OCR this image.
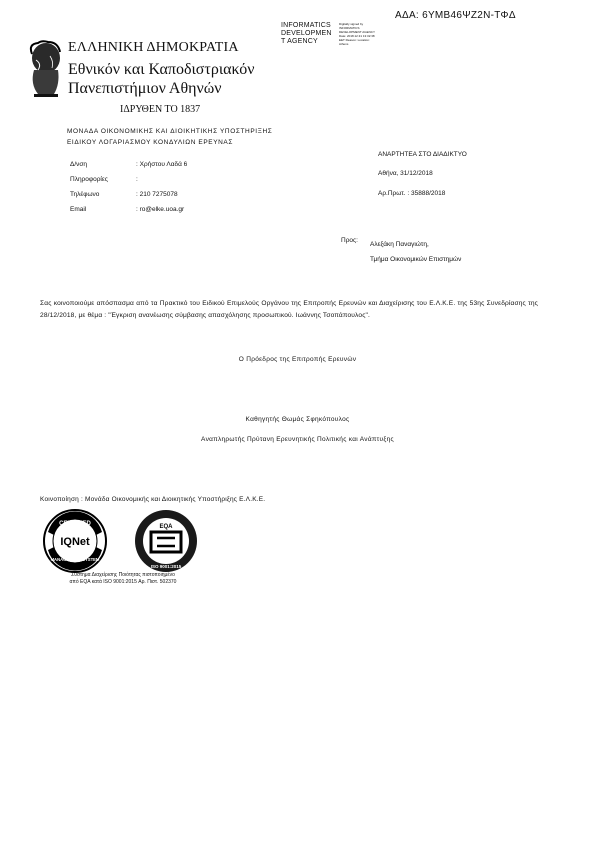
ΑΔΑ: 6ΥΜΒ46ΨΖ2Ν-ΤΦΔ
INFORMATICS
DEVELOPMEN
T AGENCY
Digitally signed by INFORMATICS DEVELOPMENT AGENCY Date: 2018.12.31 13:32:38 EET Reason: Location: Athens
ΕΛΛΗΝΙΚΗ ΔΗΜΟΚΡΑΤΙΑ
Εθνικόν και Καποδιστριακόν
Πανεπιστήμιον Αθηνών
ΙΔΡΥΘΕΝ ΤΟ 1837
ΜΟΝΑΔΑ ΟΙΚΟΝΟΜΙΚΗΣ ΚΑΙ ΔΙΟΙΚΗΤΙΚΗΣ ΥΠΟΣΤΗΡΙΞΗΣ
ΕΙΔΙΚΟΥ ΛΟΓΑΡΙΑΣΜΟΥ ΚΟΝΔΥΛΙΩΝ ΕΡΕΥΝΑΣ
Δ/νση	: Χρήστου Λαδά 6
Πληροφορίες	:
Τηλέφωνο	: 210 7275078
Email	: ro@elke.uoa.gr
ΑΝΑΡΤΗΤΕΑ ΣΤΟ ΔΙΑΔΙΚΤΥΟ
Αθήνα, 31/12/2018
Αρ.Πρωτ. : 35888/2018
Προς:
Αλεξάκη Παναγιώτη,
Τμήμα Οικονομικών Επιστημών
Σας κοινοποιούμε απόσπασμα από τα Πρακτικό του Ειδικού Επιμελούς Οργάνου της Επιτροπής Ερευνών και Διαχείρισης του Ε.Λ.Κ.Ε. της 53ης Συνεδρίασης της 28/12/2018, με θέμα : "Έγκριση ανανέωσης σύμβασης απασχόλησης προσωπικού. Ιωάννης Τσοπάπουλος".
Ο Πρόεδρος της Επιτροπής Ερευνών
Καθηγητής Θωμάς Σφηκόπουλος
Αναπληρωτής Πρύτανη Ερευνητικής Πολιτικής και Ανάπτυξης
Κοινοποίηση : Μονάδα Οικονομικής και Διοικητικής Υποστήριξης Ε.Λ.Κ.Ε.
CERTIFIED
IQNet
MANAGEMENT SYSTEM
EQA
ISO 9001:2015
Σύστημα Διαχείρισης Ποιότητας πιστοποιημένο
από EQA κατά ISO 9001:2015 Αρ. Πιστ. 502370
